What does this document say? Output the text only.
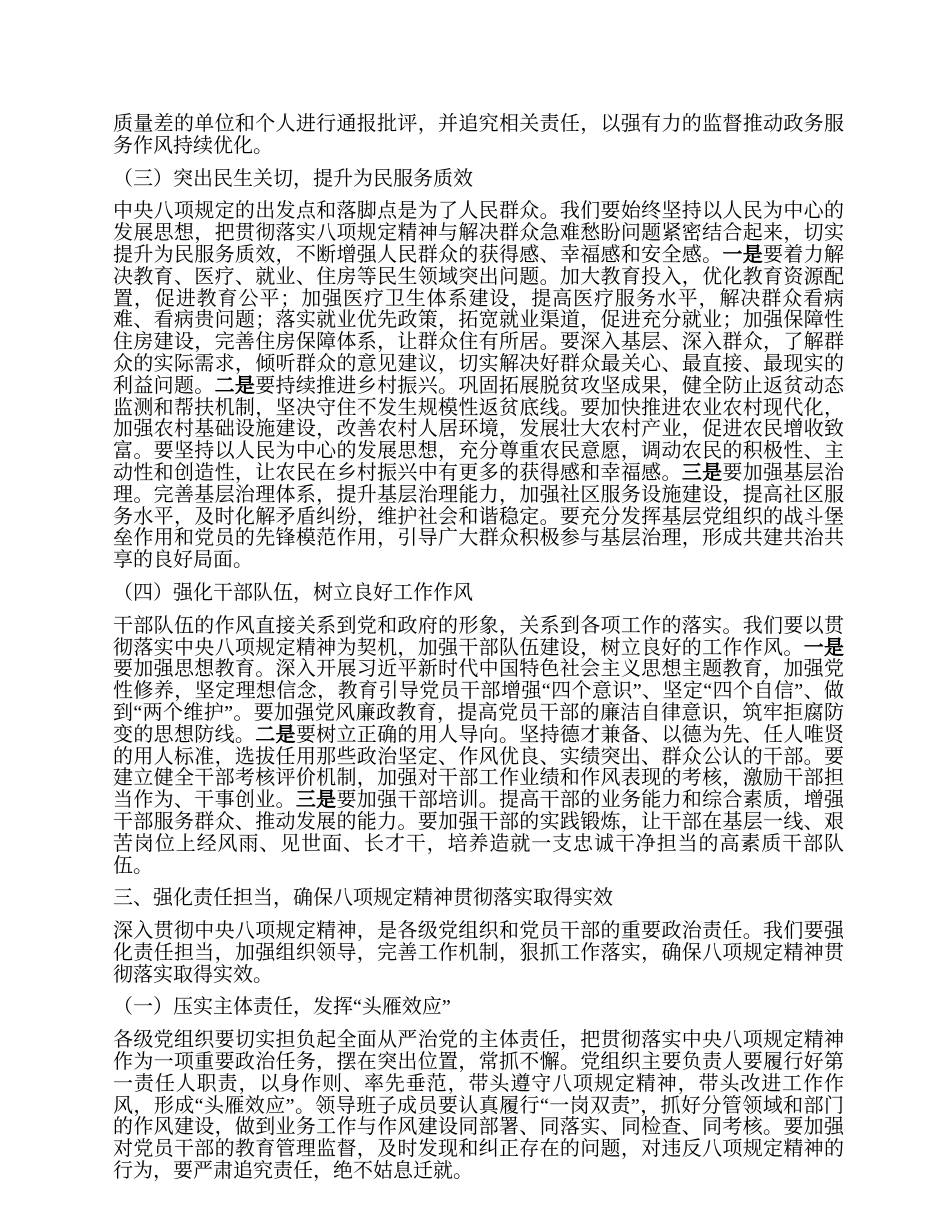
质量差的单位和个人进行通报批评，并追究相关责任，以强有力的监督推动政务服务作风持续优化。

（三）突出民生关切，提升为民服务质效

中央八项规定的出发点和落脚点是为了人民群众。我们要始终坚持以人民为中心的发展思想，把贯彻落实八项规定精神与解决群众急难愁盼问题紧密结合起来，切实提升为民服务质效，不断增强人民群众的获得感、幸福感和安全感。一是要着力解决教育、医疗、就业、住房等民生领域突出问题。加大教育投入，优化教育资源配置，促进教育公平；加强医疗卫生体系建设，提高医疗服务水平，解决群众看病难、看病贵问题；落实就业优先政策，拓宽就业渠道，促进充分就业；加强保障性住房建设，完善住房保障体系，让群众住有所居。要深入基层、深入群众，了解群众的实际需求，倾听群众的意见建议，切实解决好群众最关心、最直接、最现实的利益问题。二是要持续推进乡村振兴。巩固拓展脱贫攻坚成果，健全防止返贫动态监测和帮扶机制，坚决守住不发生规模性返贫底线。要加快推进农业农村现代化，加强农村基础设施建设，改善农村人居环境，发展壮大农村产业，促进农民增收致富。要坚持以人民为中心的发展思想，充分尊重农民意愿，调动农民的积极性、主动性和创造性，让农民在乡村振兴中有更多的获得感和幸福感。三是要加强基层治理。完善基层治理体系，提升基层治理能力，加强社区服务设施建设，提高社区服务水平，及时化解矛盾纠纷，维护社会和谐稳定。要充分发挥基层党组织的战斗堡垒作用和党员的先锋模范作用，引导广大群众积极参与基层治理，形成共建共治共享的良好局面。

（四）强化干部队伍，树立良好工作作风

干部队伍的作风直接关系到党和政府的形象，关系到各项工作的落实。我们要以贯彻落实中央八项规定精神为契机，加强干部队伍建设，树立良好的工作作风。一是要加强思想教育。深入开展习近平新时代中国特色社会主义思想主题教育，加强党性修养，坚定理想信念，教育引导党员干部增强“四个意识”、坚定“四个自信”、做到“两个维护”。要加强党风廉政教育，提高党员干部的廉洁自律意识，筑牢拒腐防变的思想防线。二是要树立正确的用人导向。坚持德才兼备、以德为先、任人唯贤的用人标准，选拔任用那些政治坚定、作风优良、实绩突出、群众公认的干部。要建立健全干部考核评价机制，加强对干部工作业绩和作风表现的考核，激励干部担当作为、干事创业。三是要加强干部培训。提高干部的业务能力和综合素质，增强干部服务群众、推动发展的能力。要加强干部的实践锻炼，让干部在基层一线、艰苦岗位上经风雨、见世面、长才干，培养造就一支忠诚干净担当的高素质干部队伍。

三、强化责任担当，确保八项规定精神贯彻落实取得实效

深入贯彻中央八项规定精神，是各级党组织和党员干部的重要政治责任。我们要强化责任担当，加强组织领导，完善工作机制，狠抓工作落实，确保八项规定精神贯彻落实取得实效。

（一）压实主体责任，发挥“头雁效应”

各级党组织要切实担负起全面从严治党的主体责任，把贯彻落实中央八项规定精神作为一项重要政治任务，摆在突出位置，常抓不懈。党组织主要负责人要履行好第一责任人职责，以身作则、率先垂范，带头遵守八项规定精神，带头改进工作作风，形成“头雁效应”。领导班子成员要认真履行“一岗双责”，抓好分管领域和部门的作风建设，做到业务工作与作风建设同部署、同落实、同检查、同考核。要加强对党员干部的教育管理监督，及时发现和纠正存在的问题，对违反八项规定精神的行为，要严肃追究责任，绝不姑息迁就。
